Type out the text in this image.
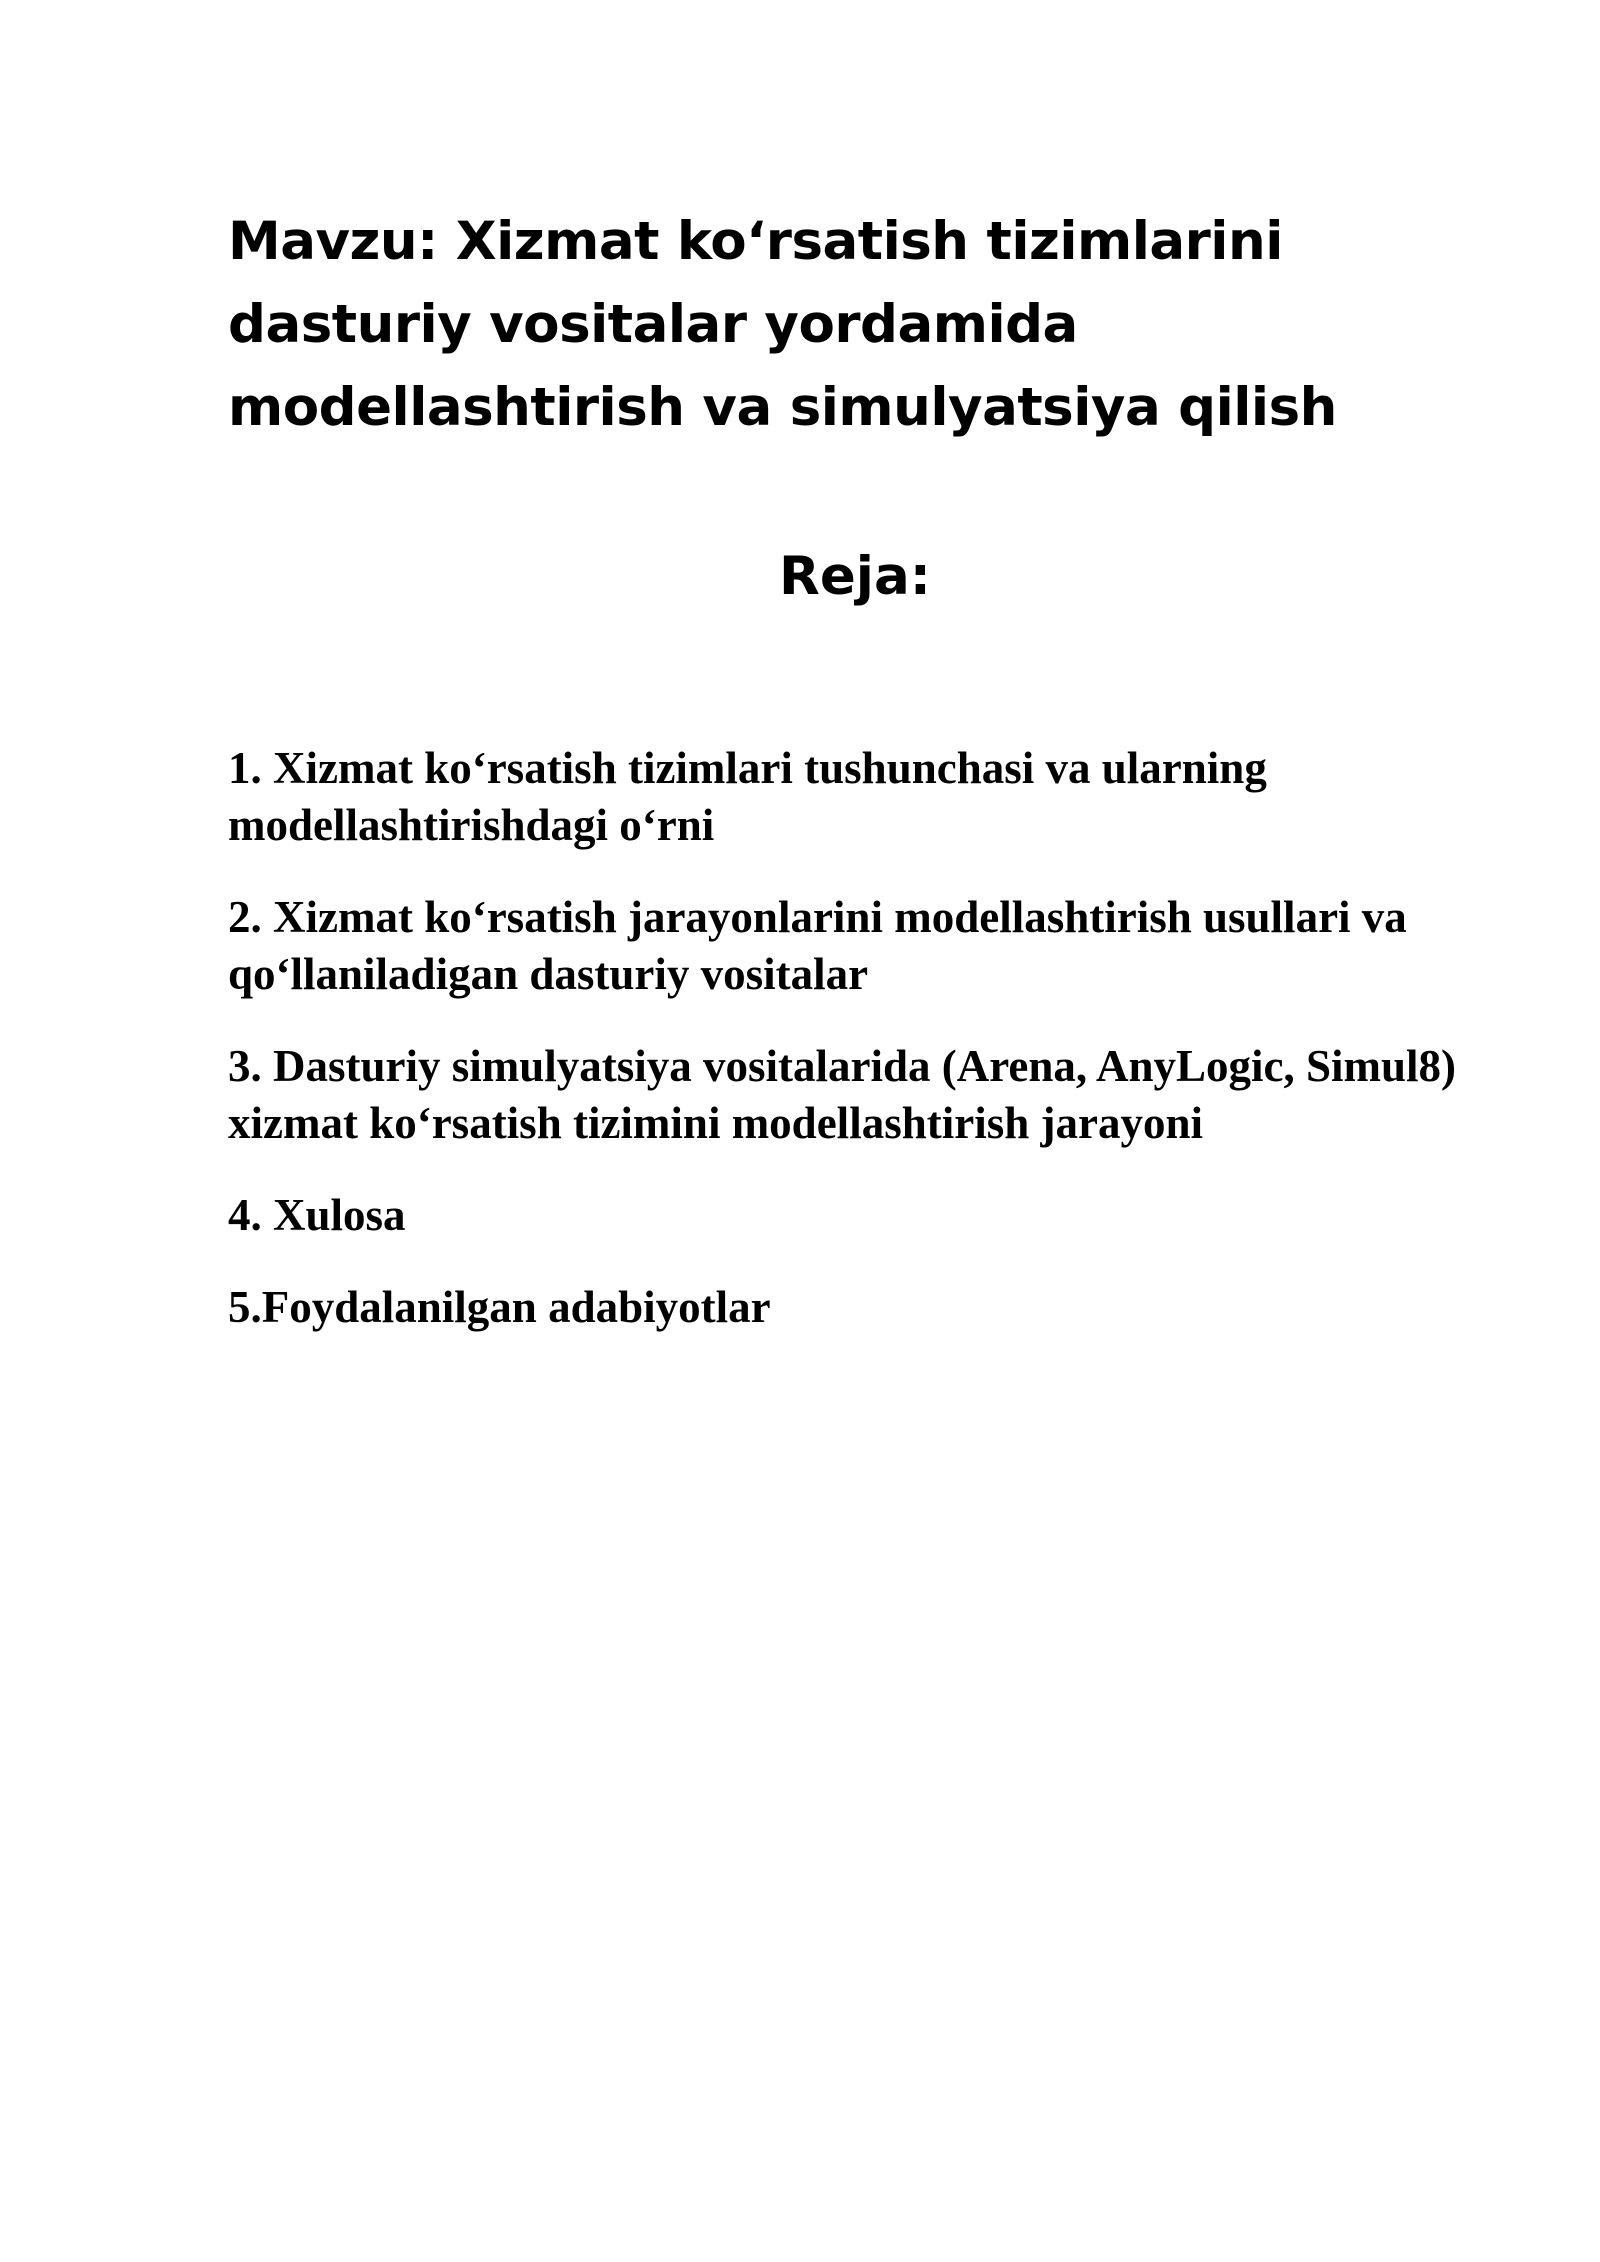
Mavzu: Xizmat ko‘rsatish tizimlarini dasturiy vositalar yordamida modellashtirish va simulyatsiya qilish
Reja:
1. Xizmat ko‘rsatish tizimlari tushunchasi va ularning modellashtirishdagi o‘rni
2. Xizmat ko‘rsatish jarayonlarini modellashtirish usullari va qo‘llaniladigan dasturiy vositalar
3. Dasturiy simulyatsiya vositalarida (Arena, AnyLogic, Simul8) xizmat ko‘rsatish tizimini modellashtirish jarayoni
4. Xulosa
5.Foydalanilgan adabiyotlar
